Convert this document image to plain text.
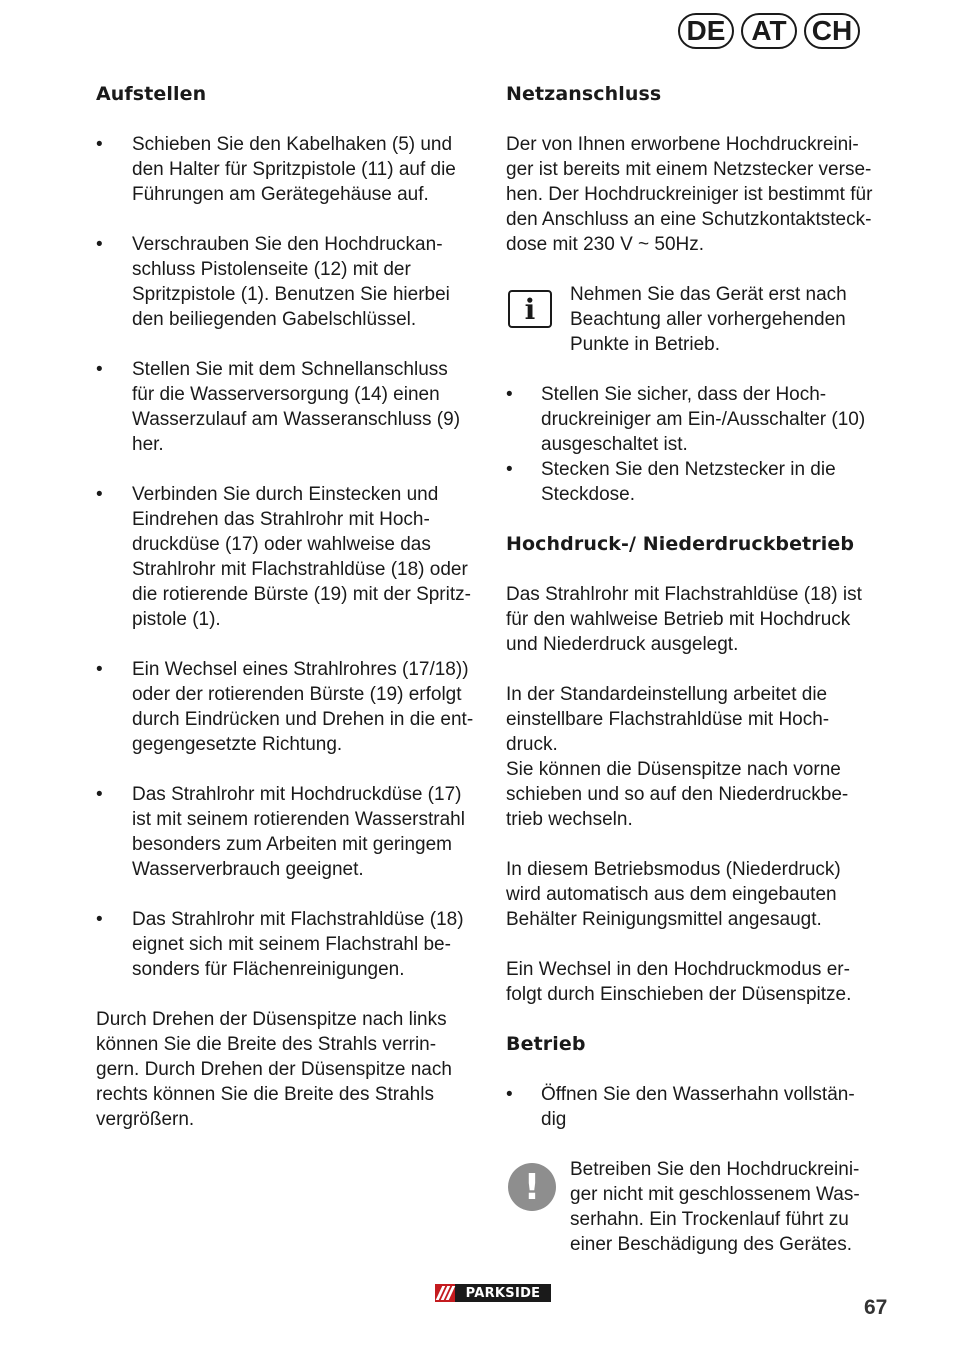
DE AT CH
Aufstellen
• Schieben Sie den Kabelhaken (5) und
den Halter für Spritzpistole (11) auf die
Führungen am Gerätegehäuse auf.
• Verschrauben Sie den Hochdruckan-
schluss Pistolenseite (12) mit der
Spritzpistole (1). Benutzen Sie hierbei
den beiliegenden Gabelschlüssel.
• Stellen Sie mit dem Schnellanschluss
für die Wasserversorgung (14) einen
Wasserzulauf am Wasseranschluss (9)
her.
• Verbinden Sie durch Einstecken und
Eindrehen das Strahlrohr mit Hoch-
druckdüse (17) oder wahlweise das
Strahlrohr mit Flachstrahldüse (18) oder
die rotierende Bürste (19) mit der Spritz-
pistole (1).
• Ein Wechsel eines Strahlrohres (17/18))
oder der rotierenden Bürste (19) erfolgt
durch Eindrücken und Drehen in die ent-
gegengesetzte Richtung.
• Das Strahlrohr mit Hochdruckdüse (17)
ist mit seinem rotierenden Wasserstrahl
besonders zum Arbeiten mit geringem
Wasserverbrauch geeignet.
• Das Strahlrohr mit Flachstrahldüse (18)
eignet sich mit seinem Flachstrahl be-
sonders für Flächenreinigungen.

Durch Drehen der Düsenspitze nach links
können Sie die Breite des Strahls verrin-
gern. Durch Drehen der Düsenspitze nach
rechts können Sie die Breite des Strahls
vergrößern.

Netzanschluss

Der von Ihnen erworbene Hochdruckreini-
ger ist bereits mit einem Netzstecker verse-
hen. Der Hochdruckreiniger ist bestimmt für
den Anschluss an eine Schutzkontaktsteck-
dose mit 230 V ~ 50Hz.

i	Nehmen Sie das Gerät erst nach
Beachtung aller vorhergehenden
Punkte in Betrieb.
• Stellen Sie sicher, dass der Hoch-
druckreiniger am Ein-/Ausschalter (10)
ausgeschaltet ist.
• Stecken Sie den Netzstecker in die
Steckdose.
Hochdruck-/ Niederdruckbetrieb

Das Strahlrohr mit Flachstrahldüse (18) ist
für den wahlweise Betrieb mit Hochdruck
und Niederdruck ausgelegt.

In der Standardeinstellung arbeitet die
einstellbare Flachstrahldüse mit Hoch-
druck.
Sie können die Düsenspitze nach vorne
schieben und so auf den Niederdruckbe-
trieb wechseln.

In diesem Betriebsmodus (Niederdruck)
wird automatisch aus dem eingebauten
Behälter Reinigungsmittel angesaugt.

Ein Wechsel in den Hochdruckmodus er-
folgt durch Einschieben der Düsenspitze.

Betrieb
• Öffnen Sie den Wasserhahn vollstän-
dig
!	Betreiben Sie den Hochdruckreini-
ger nicht mit geschlossenem Was-
serhahn. Ein Trockenlauf führt zu
einer Beschädigung des Gerätes.
PARKSIDE
67
